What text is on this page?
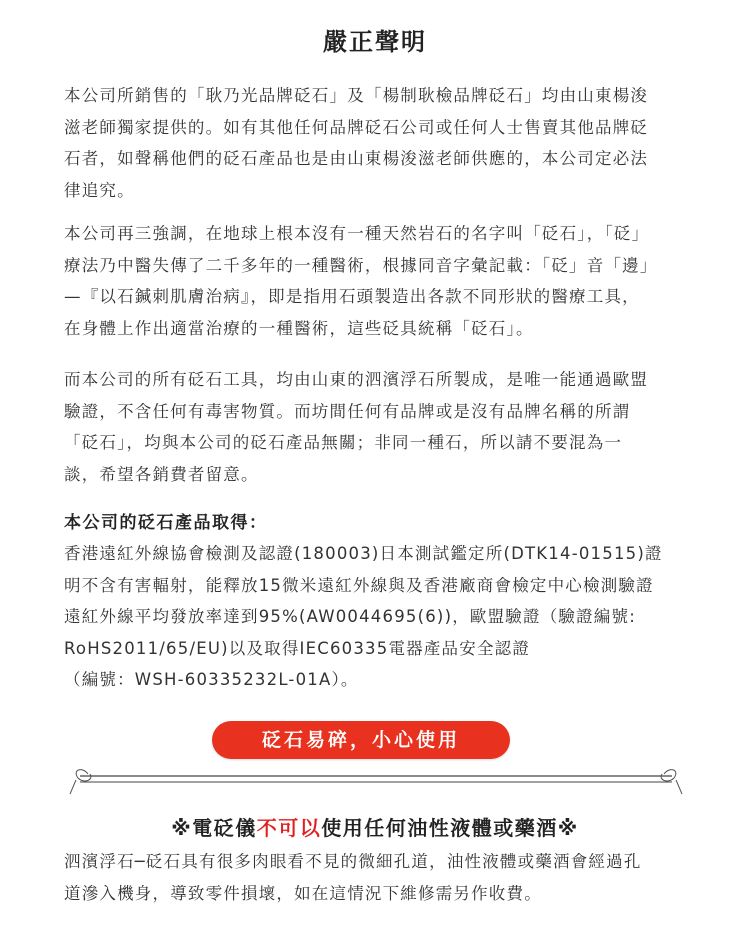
嚴正聲明

本公司所銷售的「耿乃光品牌砭石」及「楊制耿檢品牌砭石」均由山東楊浚
滋老師獨家提供的。如有其他任何品牌砭石公司或任何人士售賣其他品牌砭
石者，如聲稱他們的砭石產品也是由山東楊浚滋老師供應的，本公司定必法
律追究。

本公司再三強調，在地球上根本沒有一種天然岩石的名字叫「砭石」，「砭」
療法乃中醫失傳了二千多年的一種醫術，根據同音字彙記載：「砭」音「邊」
—『以石鍼刺肌膚治病』，即是指用石頭製造出各款不同形狀的醫療工具，
在身體上作出適當治療的一種醫術，這些砭具統稱「砭石」。

而本公司的所有砭石工具，均由山東的泗濱浮石所製成，是唯一能通過歐盟
驗證，不含任何有毒害物質。而坊間任何有品牌或是沒有品牌名稱的所謂
「砭石」，均與本公司的砭石產品無關；非同一種石，所以請不要混為一
談，希望各銷費者留意。

本公司的砭石產品取得：

香港遠紅外線協會檢測及認證(180003)日本測試鑑定所(DTK14-01515)證
明不含有害輻射，能釋放15微米遠紅外線與及香港廠商會檢定中心檢測驗證
遠紅外線平均發放率達到95%(AW0044695(6))，歐盟驗證（驗證編號:
RoHS2011/65/EU)以及取得IEC60335電器產品安全認證
（編號：WSH-60335232L-01A）。

砭石易碎，小心使用
※電砭儀不可以使用任何油性液體或藥酒※

泗濱浮石─砭石具有很多肉眼看不見的微細孔道，油性液體或藥酒會經過孔
道滲入機身，導致零件損壞，如在這情況下維修需另作收費。
